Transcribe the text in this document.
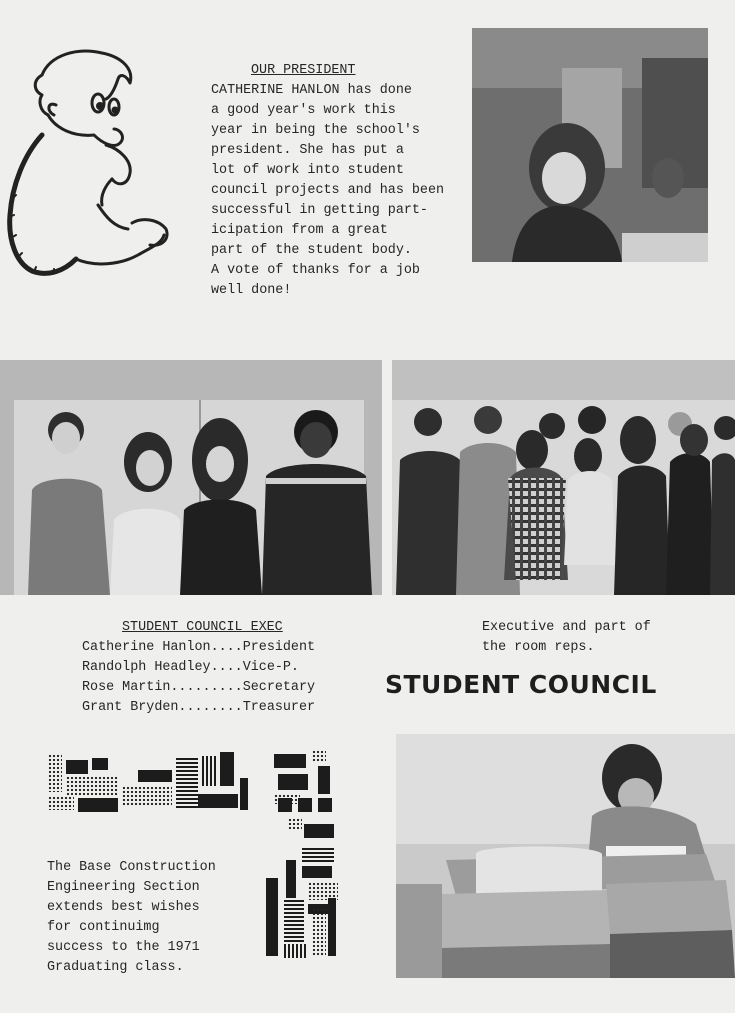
OUR PRESIDENT
CATHERINE HANLON has done
a good year's work this
year in being the school's
president. She has put a
lot of work into student
council projects and has been
successful in getting part-
icipation from a great
part of the student body.
A vote of thanks for a job
well done!
STUDENT COUNCIL EXEC
Catherine Hanlon....President
Randolph Headley....Vice-P.
Rose Martin.........Secretary
Grant Bryden........Treasurer
Executive and part of
the room reps.
STUDENT COUNCIL
The Base Construction
Engineering Section
extends best wishes
for continuimg
success to the 1971
Graduating class.
